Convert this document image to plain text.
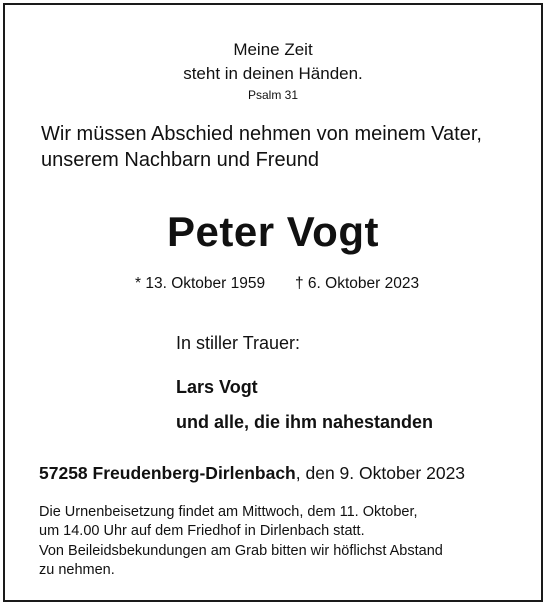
Meine Zeit
steht in deinen Händen.
Psalm 31
Wir müssen Abschied nehmen von meinem Vater,
unserem Nachbarn und Freund
Peter Vogt
* 13. Oktober 1959 † 6. Oktober 2023
In stiller Trauer:
Lars Vogt
und alle, die ihm nahestanden
57258 Freudenberg-Dirlenbach, den 9. Oktober 2023
Die Urnenbeisetzung findet am Mittwoch, dem 11. Oktober,
um 14.00 Uhr auf dem Friedhof in Dirlenbach statt.
Von Beileidsbekundungen am Grab bitten wir höflichst Abstand
zu nehmen.
